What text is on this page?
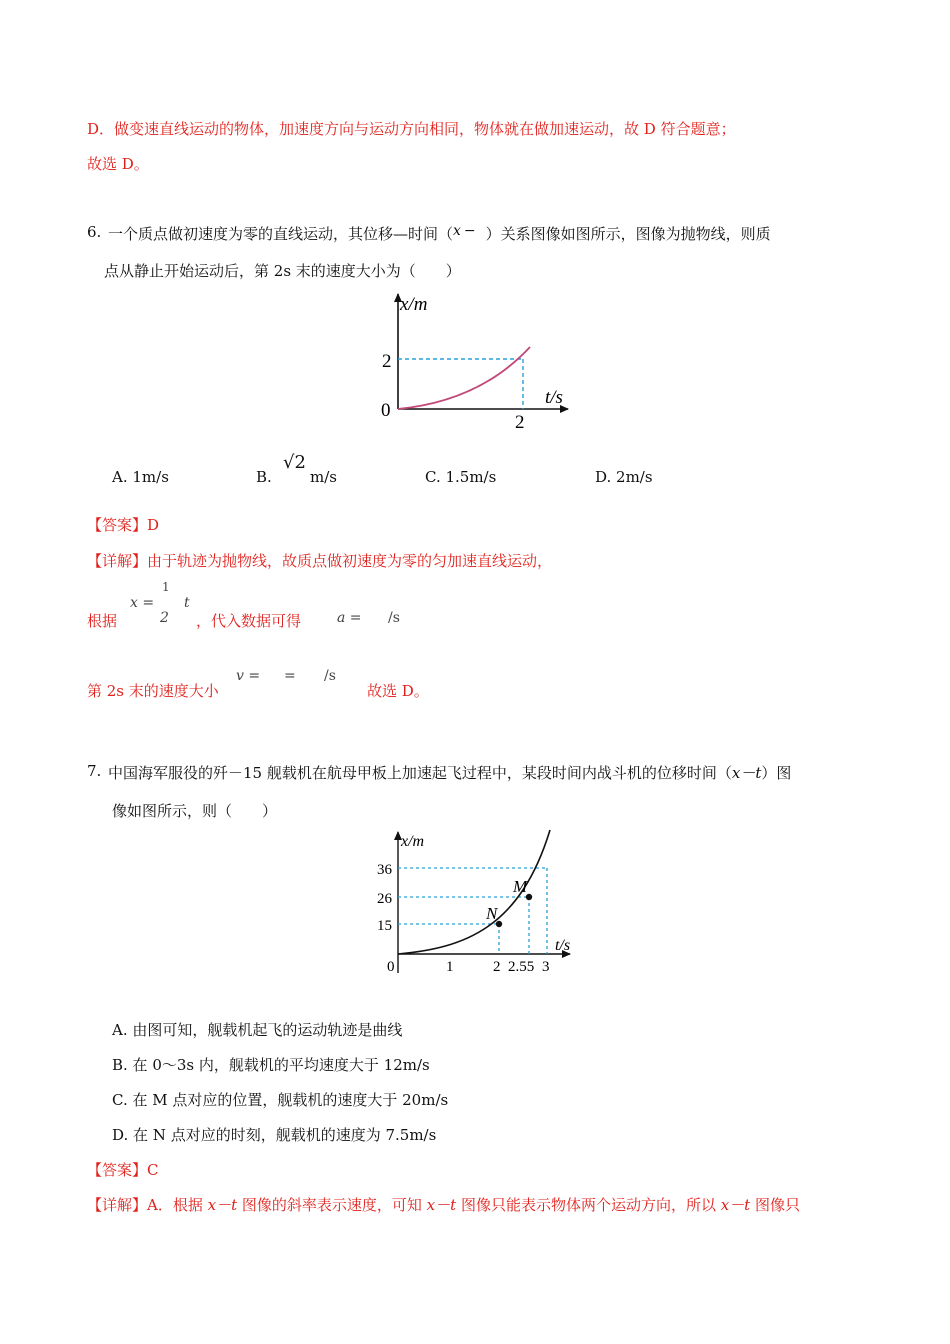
D．做变速直线运动的物体，加速度方向与运动方向相同，物体就在做加速运动，故 D 符合题意；
故选 D。
6. 一个质点做初速度为零的直线运动，其位移—时间（x − ）关系图像如图所示，图像为抛物线，则质
点从静止开始运动后，第 2s 末的速度大小为（　　）
x/m
t/s
2
2
0
A. 1m/s	B.
√2
m/s	C. 1.5m/s	D. 2m/s
【答案】D
【详解】由于轨迹为抛物线，故质点做初速度为零的匀加速直线运动，
根据
x =
1
2
t
，代入数据可得	a = /s
第 2s 末的速度大小
v = = /s
故选 D。
7. 中国海军服役的歼－15 舰载机在航母甲板上加速起飞过程中，某段时间内战斗机的位移时间（x－t）图
像如图所示，则（　　）
x/m
t/s
36
26
15
0	1	2 2.55 3
M
N
A. 由图可知，舰载机起飞的运动轨迹是曲线
B. 在 0～3s 内，舰载机的平均速度大于 12m/s
C. 在 M 点对应的位置，舰载机的速度大于 20m/s
D. 在 N 点对应的时刻，舰载机的速度为 7.5m/s
【答案】C
【详解】A．根据 x－t 图像的斜率表示速度，可知 x－t 图像只能表示物体两个运动方向，所以 x－t 图像只
